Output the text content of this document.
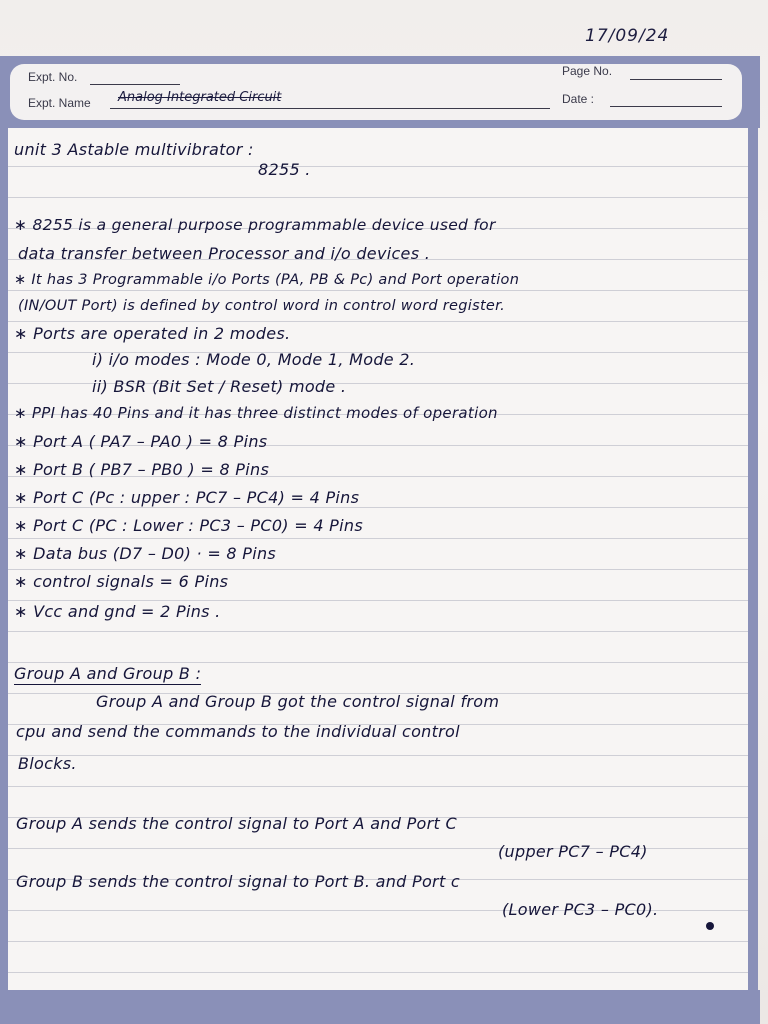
17/09/24
Expt. No.
Expt. Name Analog Integrated Circuit
Page No.
Date :
unit 3 Astable multivibrator :
8255 .
∗ 8255 is a general purpose programmable device used for
data transfer between Processor and i/o devices .
∗ It has 3 Programmable i/o Ports (PA, PB & Pc) and Port operation
(IN/OUT Port) is defined by control word in control word register.
∗ Ports are operated in 2 modes.
i) i/o modes : Mode 0, Mode 1, Mode 2.
ii) BSR (Bit Set / Reset) mode .
∗ PPI has 40 Pins and it has three distinct modes of operation
∗ Port A ( PA7 – PA0 ) = 8 Pins
∗ Port B ( PB7 – PB0 ) = 8 Pins
∗ Port C (Pc : upper : PC7 – PC4) = 4 Pins
∗ Port C (PC : Lower : PC3 – PC0) = 4 Pins
∗ Data bus (D7 – D0) · = 8 Pins
∗ control signals = 6 Pins
∗ Vcc and gnd = 2 Pins .
Group A and Group B :
Group A and Group B got the control signal from
cpu and send the commands to the individual control
Blocks.
Group A sends the control signal to Port A and Port C
(upper PC7 – PC4)
Group B sends the control signal to Port B. and Port c
(Lower PC3 – PC0).
